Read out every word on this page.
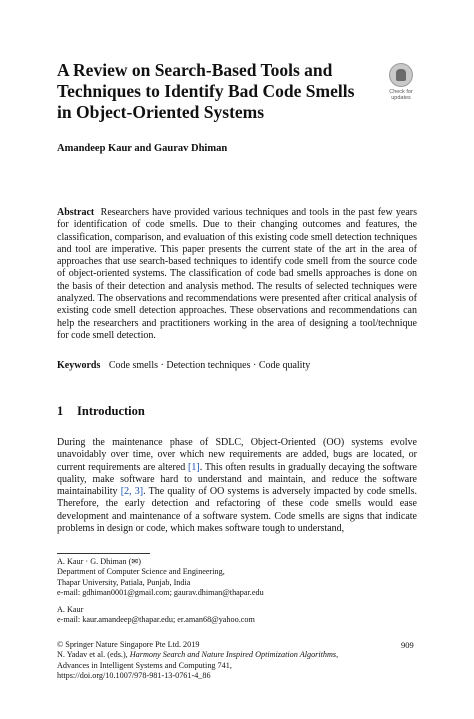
A Review on Search-Based Tools and
Techniques to Identify Bad Code Smells
in Object-Oriented Systems
Check for
updates
Amandeep Kaur and Gaurav Dhiman
Abstract Researchers have provided various techniques and tools in the past few years for identification of code smells. Due to their changing outcomes and features, the classification, comparison, and evaluation of this existing code smell detection techniques and tool are imperative. This paper presents the current state of the art in the area of approaches that use search-based techniques to identify code smell from the source code of object-oriented systems. The classification of code bad smells approaches is done on the basis of their detection and analysis method. The results of selected techniques were analyzed. The observations and recommendations were presented after critical analysis of existing code smell detection approaches. These observations and recommendations can help the researchers and practitioners working in the area of designing a tool/technique for code smell detection.
Keywords Code smells · Detection techniques · Code quality
1 Introduction
During the maintenance phase of SDLC, Object-Oriented (OO) systems evolve unavoidably over time, over which new requirements are added, bugs are located, or current requirements are altered [1]. This often results in gradually decaying the software quality, make software hard to understand and maintain, and reduce the software maintainability [2, 3]. The quality of OO systems is adversely impacted by code smells. Therefore, the early detection and refactoring of these code smells would ease development and maintenance of a software system. Code smells are signs that indicate problems in design or code, which makes software tough to understand,
A. Kaur · G. Dhiman (✉)
Department of Computer Science and Engineering,
Thapar University, Patiala, Punjab, India
e-mail: gdhiman0001@gmail.com; gaurav.dhiman@thapar.edu
A. Kaur
e-mail: kaur.amandeep@thapar.edu; er.aman68@yahoo.com
© Springer Nature Singapore Pte Ltd. 2019
N. Yadav et al. (eds.), Harmony Search and Nature Inspired Optimization Algorithms,
Advances in Intelligent Systems and Computing 741,
https://doi.org/10.1007/978-981-13-0761-4_86
909
